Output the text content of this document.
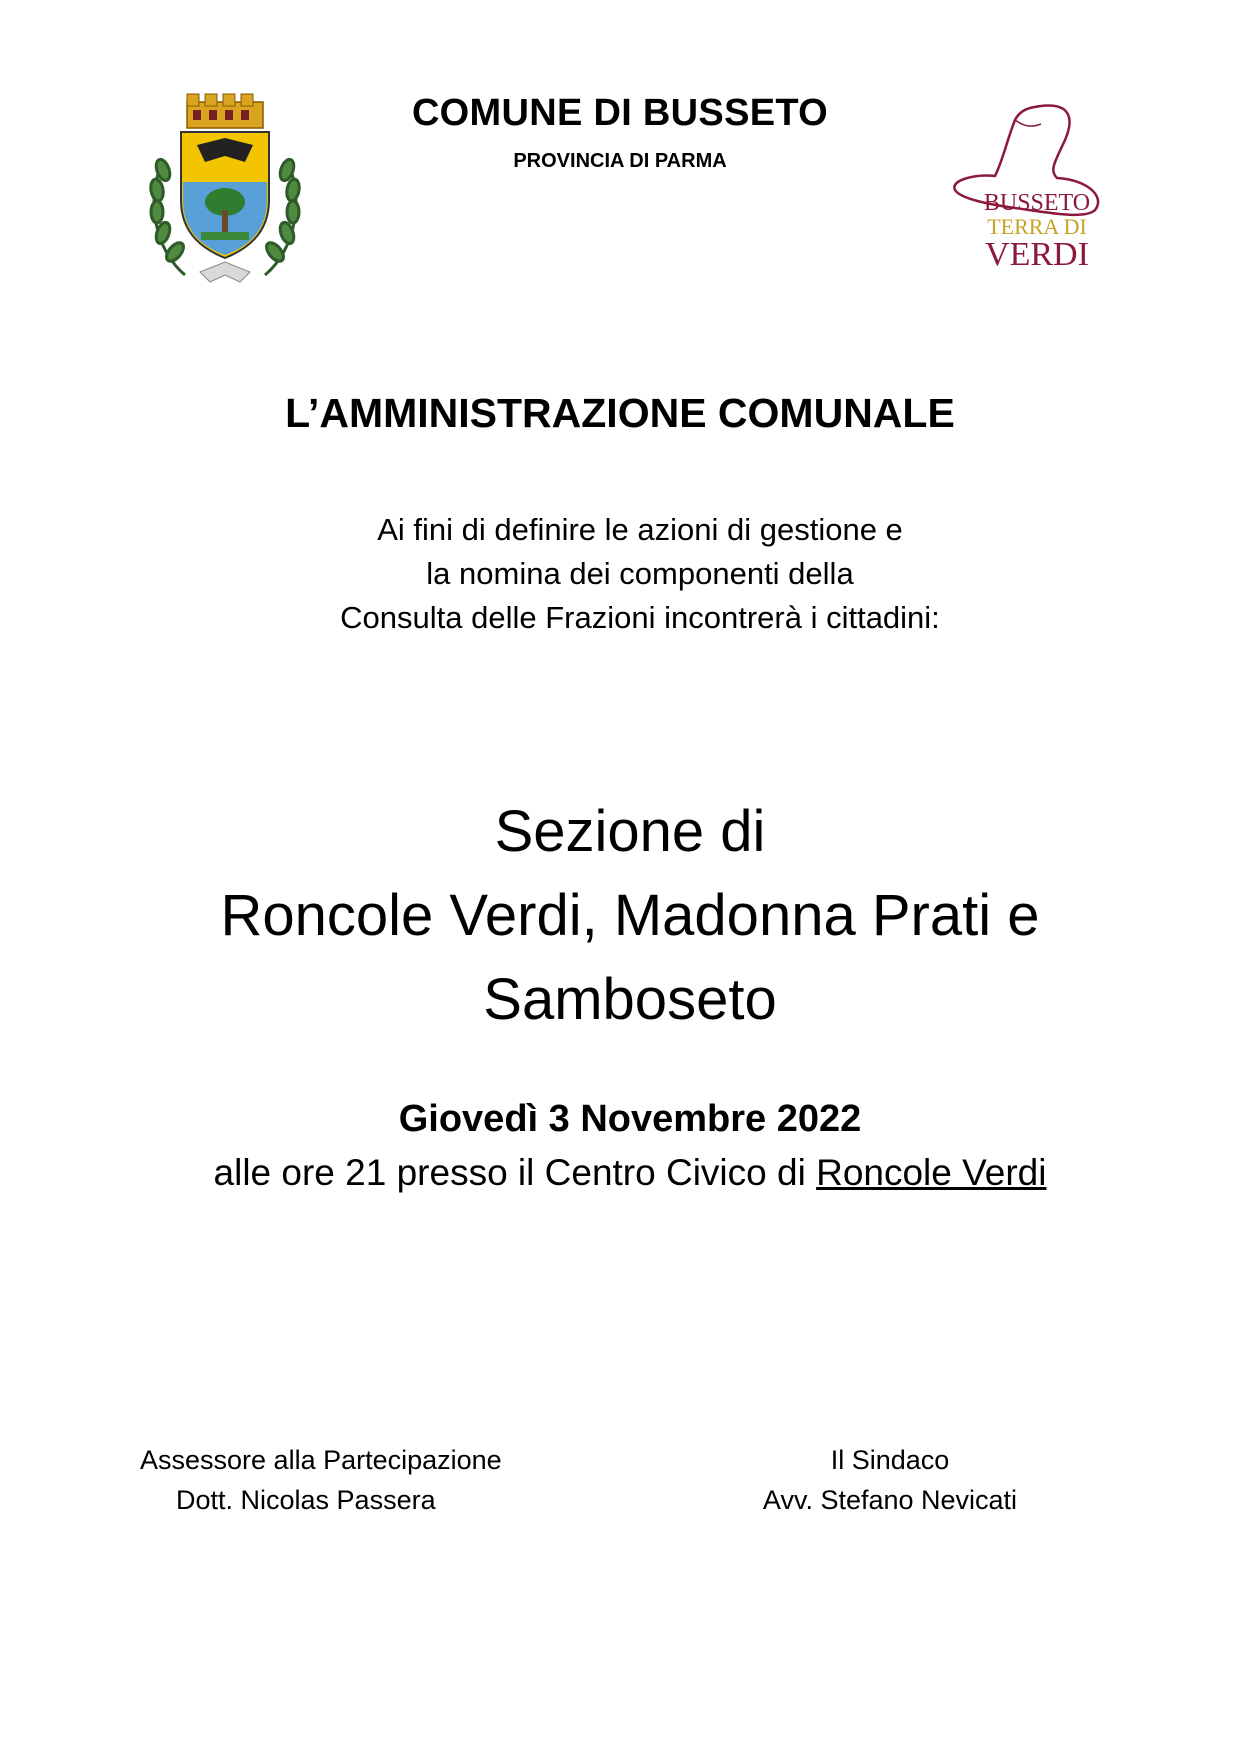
COMUNE DI BUSSETO
PROVINCIA DI PARMA
BUSSETO
TERRA DI
VERDI
L’AMMINISTRAZIONE COMUNALE
Ai fini di definire le azioni di gestione e
la nomina dei componenti della
Consulta delle Frazioni incontrerà i cittadini:
Sezione di
Roncole Verdi, Madonna Prati e
Samboseto
Giovedì 3 Novembre 2022
alle ore 21 presso il Centro Civico di Roncole Verdi
Assessore alla Partecipazione
Dott. Nicolas Passera
Il Sindaco
Avv. Stefano Nevicati
